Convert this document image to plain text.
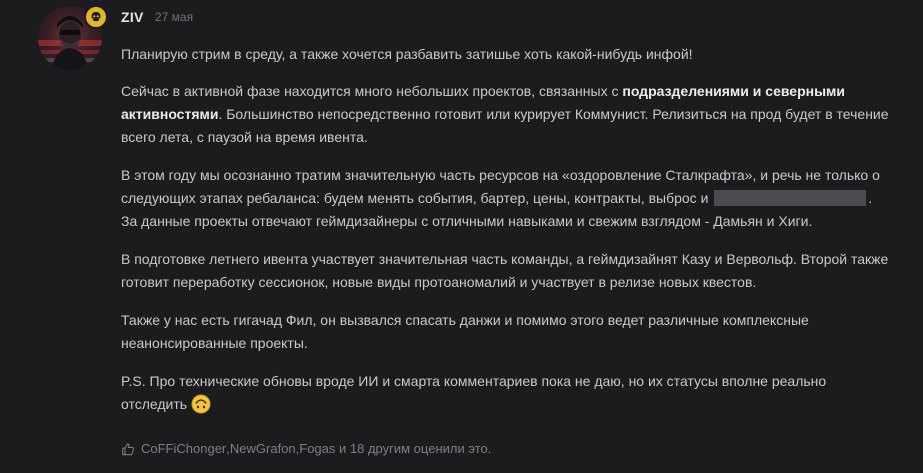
ZIV 27 мая

Планирую стрим в среду, а также хочется разбавить затишье хоть какой-нибудь инфой!

Сейчас в активной фазе находится много небольших проектов, связанных с подразделениями и северными активностями. Большинство непосредственно готовит или курирует Коммунист. Релизиться на прод будет в течение всего лета, с паузой на время ивента.

В этом году мы осознанно тратим значительную часть ресурсов на «оздоровление Сталкрафта», и речь не только о следующих этапах ребаланса: будем менять события, бартер, цены, контракты, выброс и	. За данные проекты отвечают геймдизайнеры с отличными навыками и свежим взглядом - Дамьян и Хиги.

В подготовке летнего ивента участвует значительная часть команды, а геймдизайнят Казу и Вервольф. Второй также готовит переработку сессионок, новые виды протоаномалий и участвует в релизе новых квестов.

Также у нас есть гигачад Фил, он вызвался спасать данжи и помимо этого ведет различные комплексные неанонсированные проекты.

P.S. Про технические обновы вроде ИИ и смарта комментариев пока не даю, но их статусы вполне реально отследить

CoFFiChonger , NewGrafon , Fogas и 18 другим оценили это.
